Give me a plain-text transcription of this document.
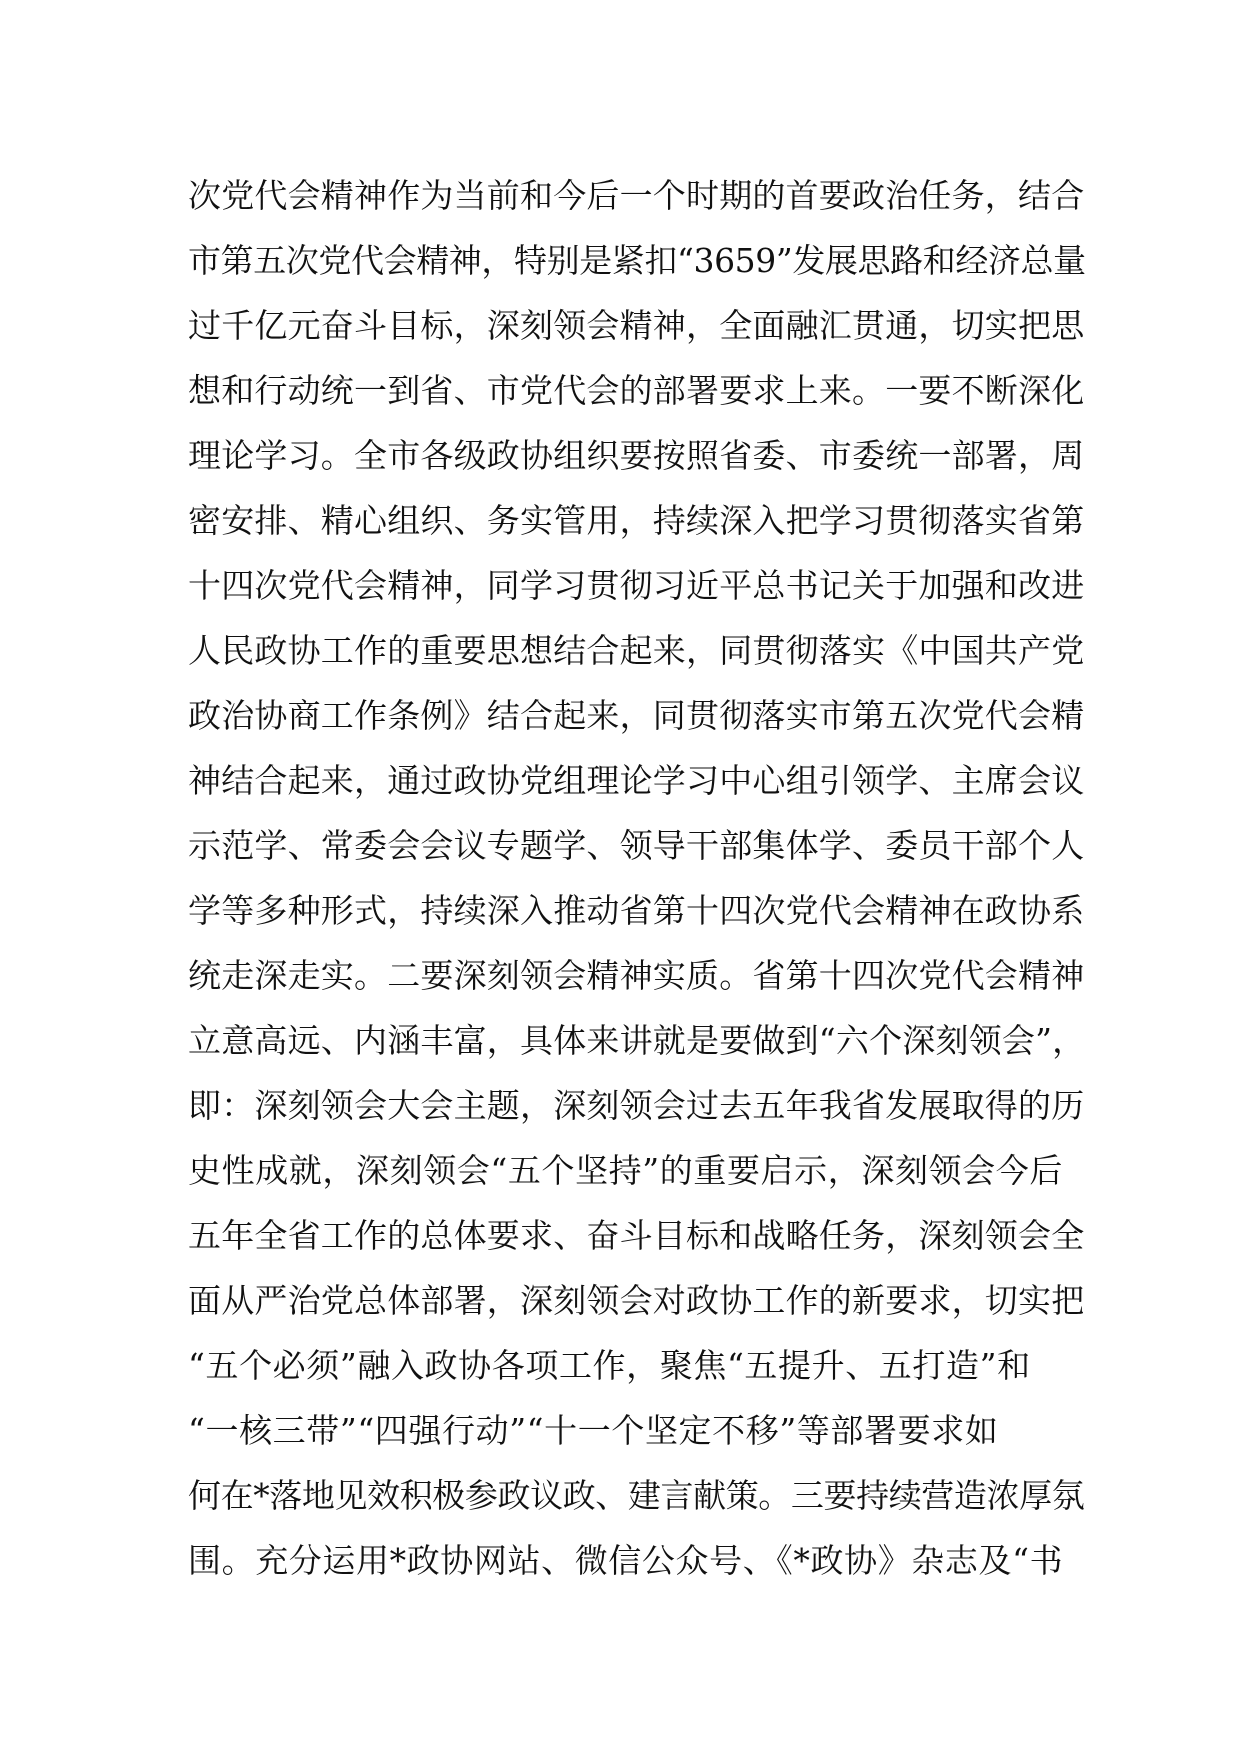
次党代会精神作为当前和今后一个时期的首要政治任务，结合
市第五次党代会精神，特别是紧扣“3659”发展思路和经济总量
过千亿元奋斗目标，深刻领会精神，全面融汇贯通，切实把思
想和行动统一到省、市党代会的部署要求上来。一要不断深化
理论学习。全市各级政协组织要按照省委、市委统一部署，周
密安排、精心组织、务实管用，持续深入把学习贯彻落实省第
十四次党代会精神，同学习贯彻习近平总书记关于加强和改进
人民政协工作的重要思想结合起来，同贯彻落实《中国共产党
政治协商工作条例》结合起来，同贯彻落实市第五次党代会精
神结合起来，通过政协党组理论学习中心组引领学、主席会议
示范学、常委会会议专题学、领导干部集体学、委员干部个人
学等多种形式，持续深入推动省第十四次党代会精神在政协系
统走深走实。二要深刻领会精神实质。省第十四次党代会精神
立意高远、内涵丰富，具体来讲就是要做到“六个深刻领会”，
即：深刻领会大会主题，深刻领会过去五年我省发展取得的历
史性成就，深刻领会“五个坚持”的重要启示，深刻领会今后
五年全省工作的总体要求、奋斗目标和战略任务，深刻领会全
面从严治党总体部署，深刻领会对政协工作的新要求，切实把
“五个必须”融入政协各项工作，聚焦“五提升、五打造”和
“一核三带”“四强行动”“十一个坚定不移”等部署要求如
何在*落地见效积极参政议政、建言献策。三要持续营造浓厚氛
围。充分运用*政协网站、微信公众号、《*政协》杂志及“书
